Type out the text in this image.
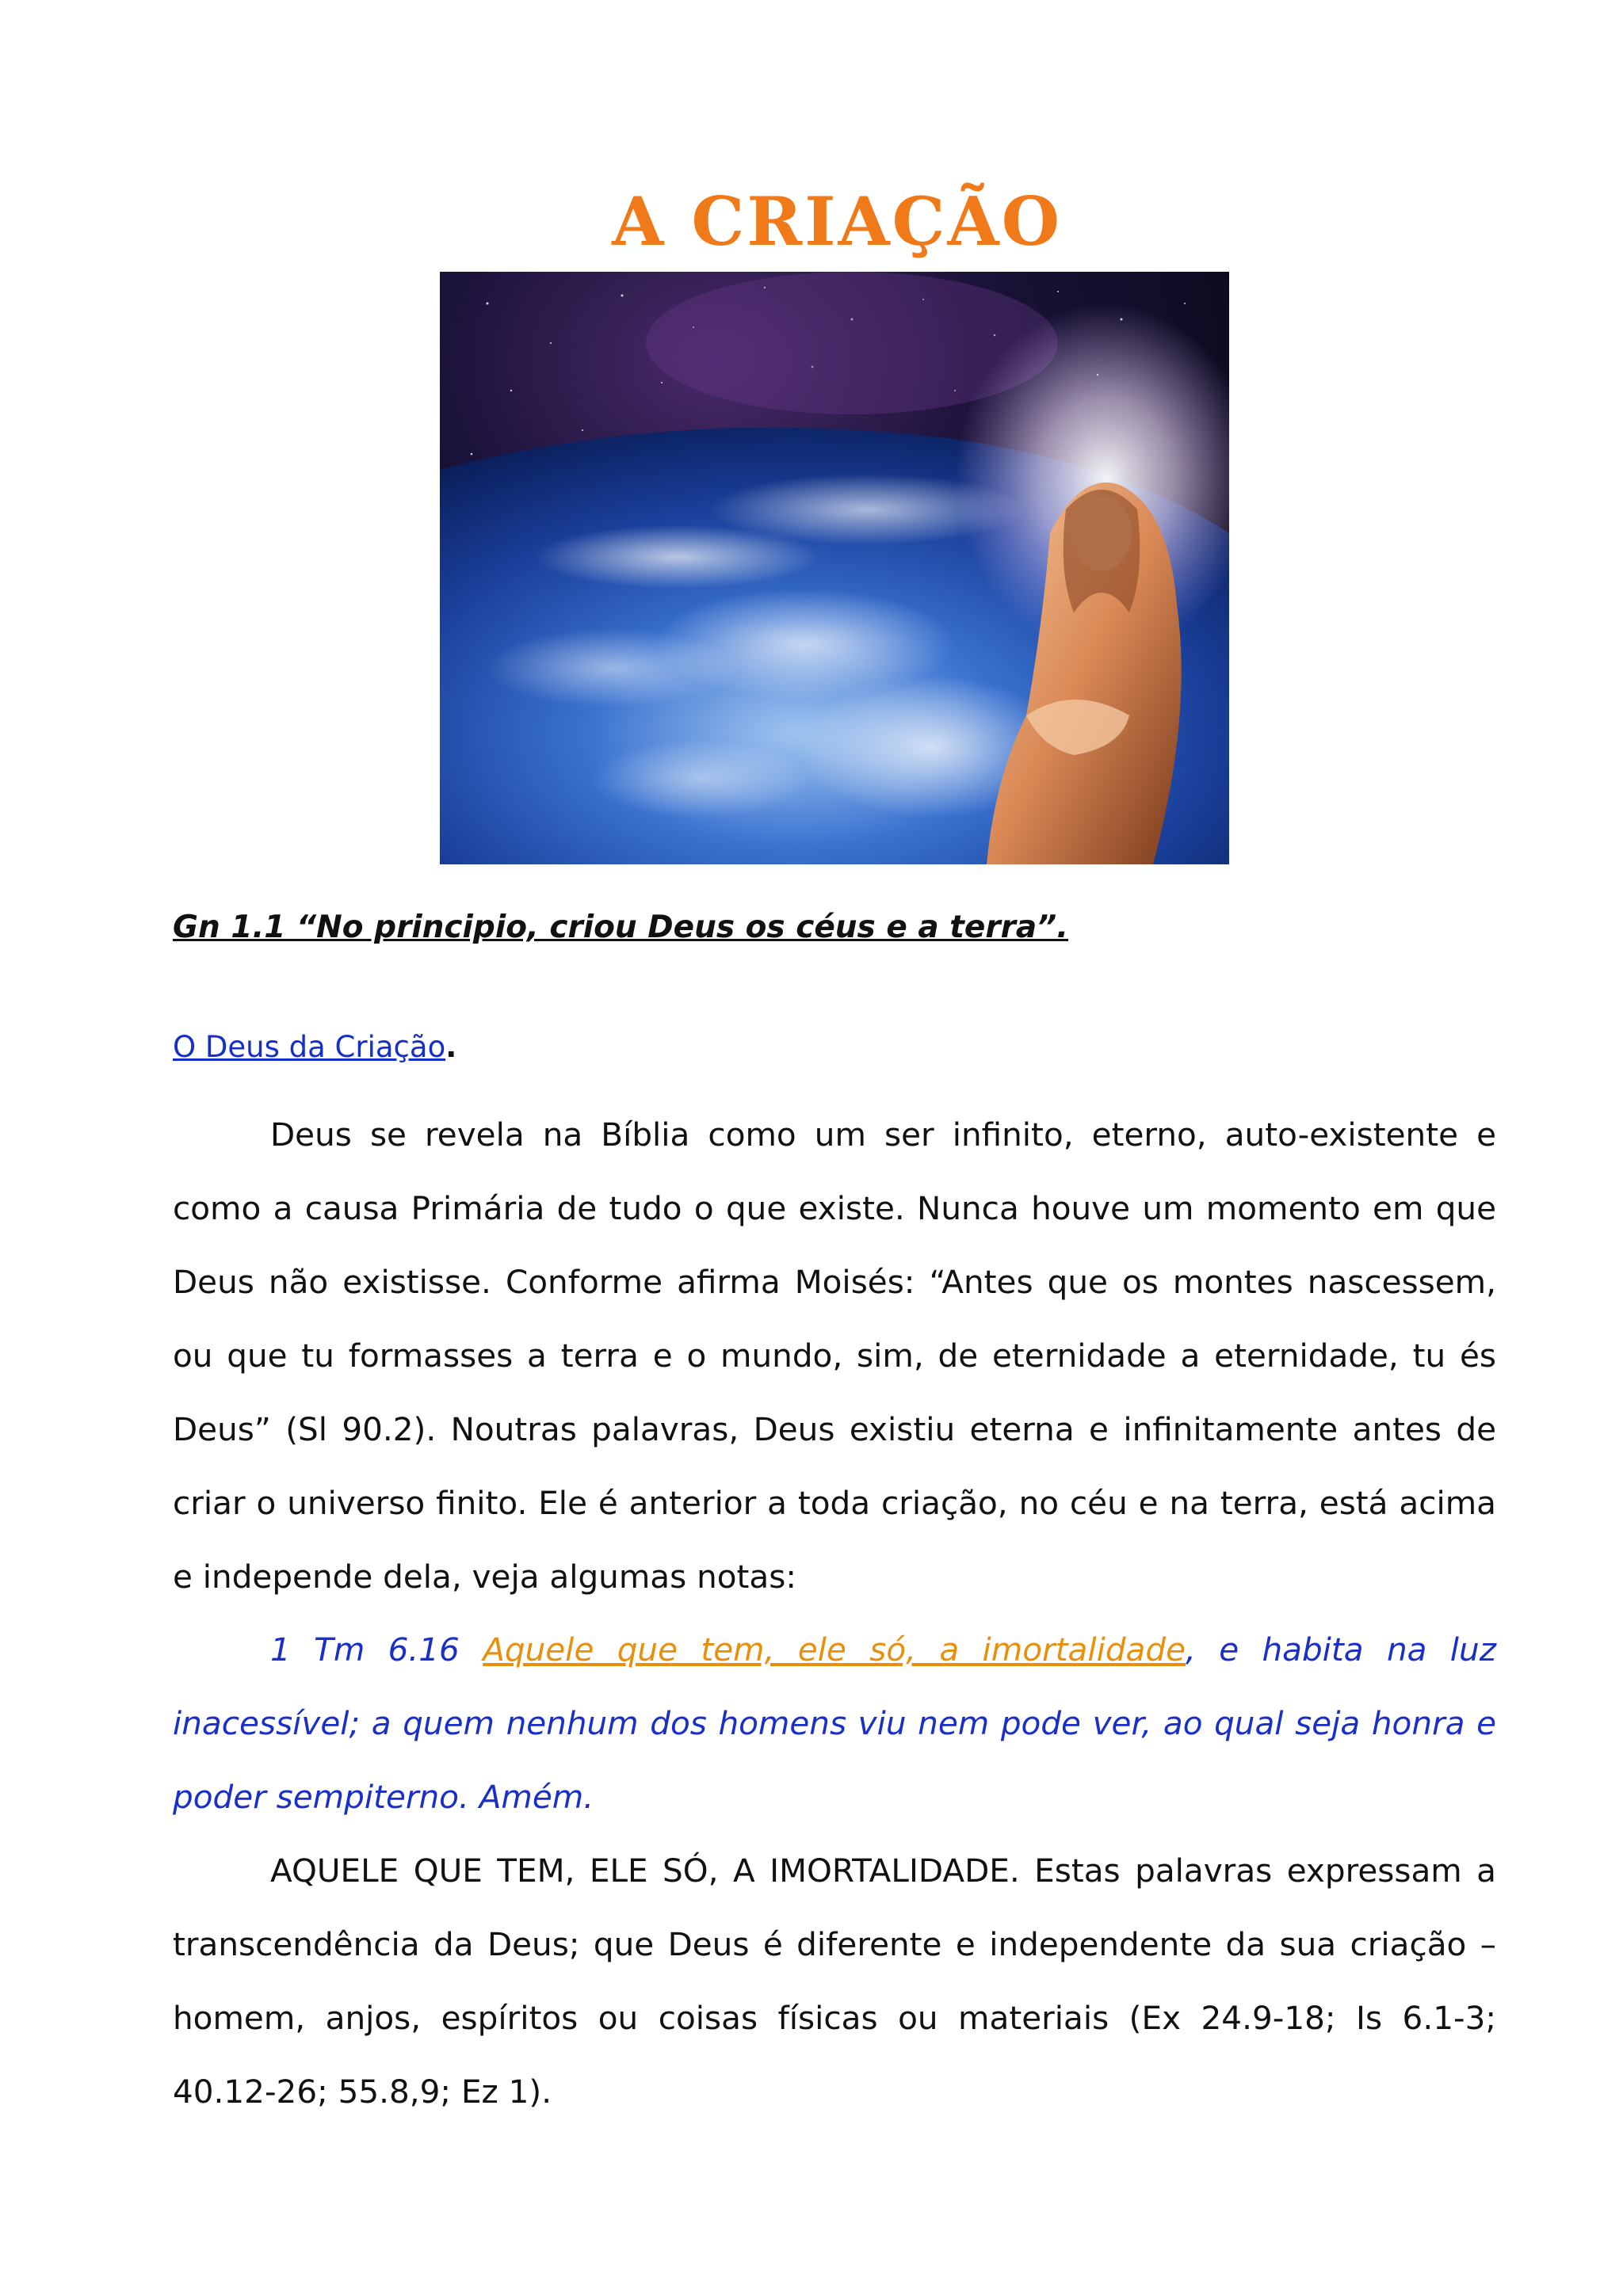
A CRIAÇÃO
Gn 1.1 “No principio, criou Deus os céus e a terra”.
O Deus da Criação.
Deus se revela na Bíblia como um ser infinito, eterno, auto-existente e como a causa Primária de tudo o que existe. Nunca houve um momento em que Deus não existisse. Conforme afirma Moisés: “Antes que os montes nascessem, ou que tu formasses a terra e o mundo, sim, de eternidade a eternidade, tu és Deus” (Sl 90.2). Noutras palavras, Deus existiu eterna e infinitamente antes de criar o universo finito. Ele é anterior a toda criação, no céu e na terra, está acima e independe dela, veja algumas notas:
1 Tm 6.16 Aquele que tem, ele só, a imortalidade, e habita na luz inacessível; a quem nenhum dos homens viu nem pode ver, ao qual seja honra e poder sempiterno. Amém.
AQUELE QUE TEM, ELE SÓ, A IMORTALIDADE. Estas palavras expressam a transcendência da Deus; que Deus é diferente e independente da sua criação – homem, anjos, espíritos ou coisas físicas ou materiais (Ex 24.9-18; Is 6.1-3; 40.12-26; 55.8,9; Ez 1).
